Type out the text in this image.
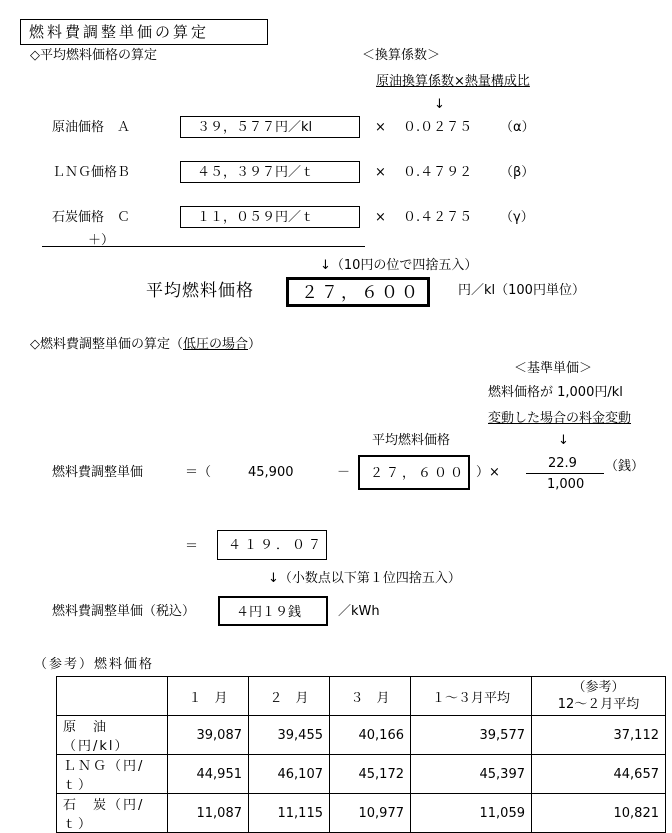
燃料費調整単価の算定
◇平均燃料価格の算定	＜換算係数＞
原油換算係数×熱量構成比
↓
原油価格　Ａ	３９，５７７円／kl	× ０.０２７５ （α）
ＬＮＧ価格Ｂ	４５，３９７円／ｔ	× ０.４７９２ （β）
石炭価格　Ｃ	１１，０５９円／ｔ	× ０.４２７５ （γ）
＋）
↓（10円の位で四捨五入）
平均燃料価格	２７，６００	円／kl（100円単位）
◇燃料費調整単価の算定（低圧の場合）
＜基準単価＞
燃料価格が 1,000円/kl
変動した場合の料金変動
↓
平均燃料価格
燃料費調整単価	＝（	45,900	－ ２７，６００ ）×
22.9
1,000
（銭）
＝ ４１９．０７
↓（小数点以下第１位四捨五入）
燃料費調整単価（税込）	４円１９銭	／kWh
（参考）燃料価格
	１　月	２　月	３　月	１～３月平均	（参考）
12～２月平均
原　油（円/kl）	39,087	39,455	40,166	39,577	37,112
ＬＮＧ（円/ｔ）	44,951	46,107	45,172	45,397	44,657
石　炭（円/ｔ）	11,087	11,115	10,977	11,059	10,821
